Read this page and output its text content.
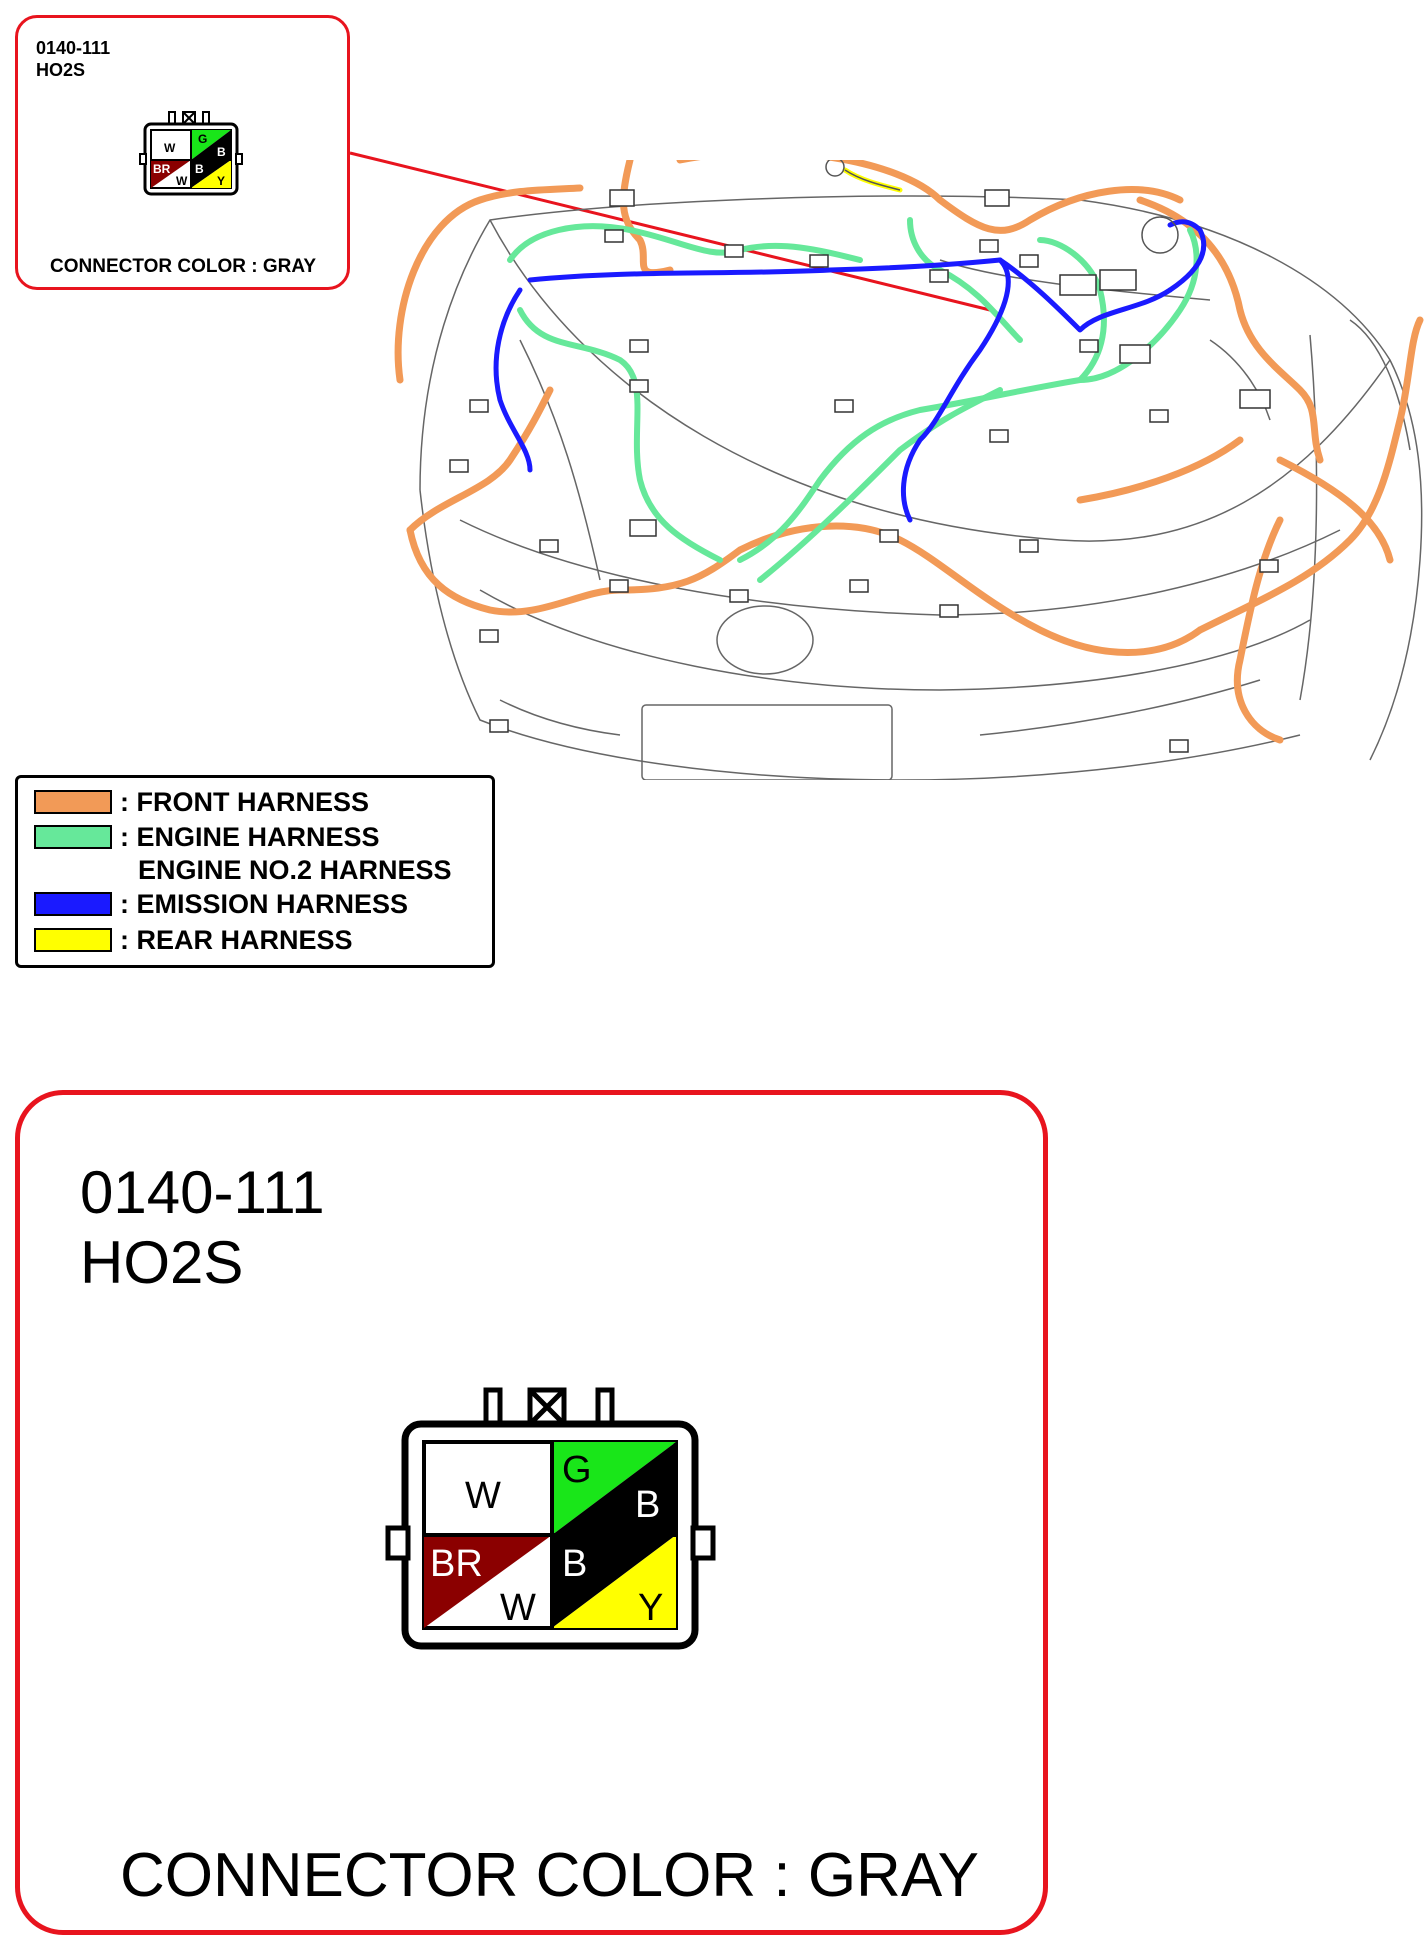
0140-111
HO2S
CONNECTOR COLOR : GRAY
W
G
B
BR
W
B
Y
: FRONT HARNESS
: ENGINE HARNESS
ENGINE NO.2 HARNESS
: EMISSION HARNESS
: REAR HARNESS
0140-111
HO2S
CONNECTOR COLOR : GRAY
W
G
B
BR
W
B
Y
